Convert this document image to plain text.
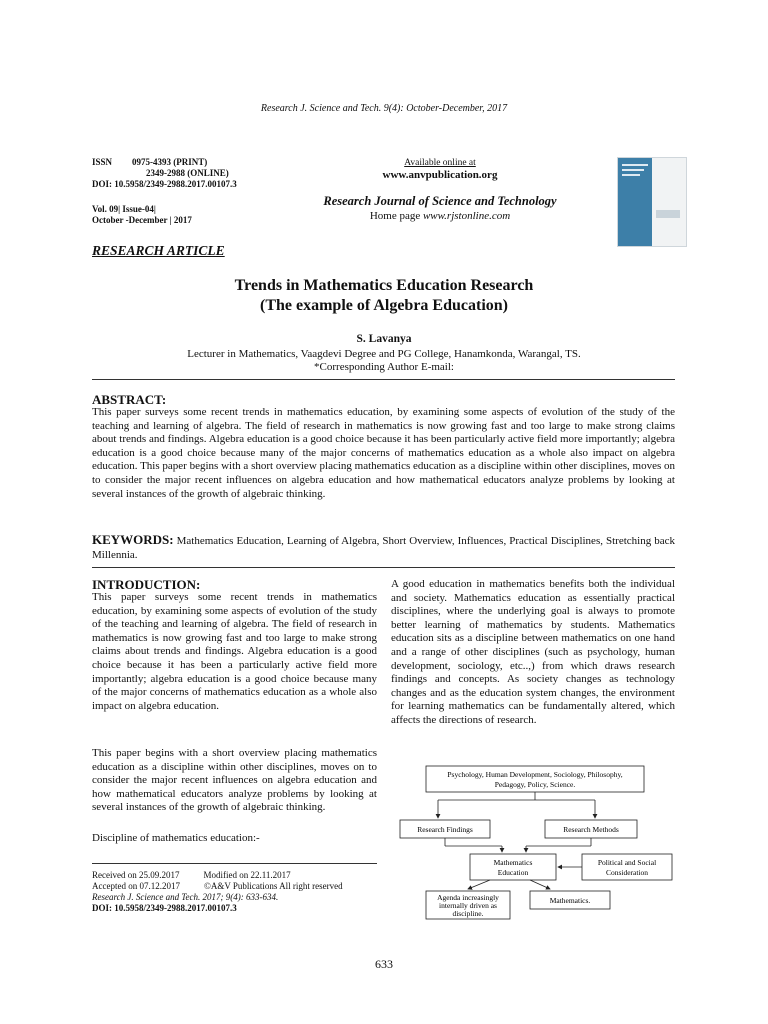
Research J. Science and Tech. 9(4): October-December, 2017
ISSN 0975-4393 (PRINT)
2349-2988 (ONLINE)
DOI: 10.5958/2349-2988.2017.00107.3
Vol. 09| Issue-04|
October -December | 2017
Available online at
www.anvpublication.org
Research Journal of Science and Technology
Home page www.rjstonline.com
RESEARCH ARTICLE
Trends in Mathematics Education Research
(The example of Algebra Education)
S. Lavanya
Lecturer in Mathematics, Vaagdevi Degree and PG College, Hanamkonda, Warangal, TS.
*Corresponding Author E-mail:
ABSTRACT:
This paper surveys some recent trends in mathematics education, by examining some aspects of evolution of the study of the teaching and learning of algebra. The field of research in mathematics is now growing fast and too large to make strong claims about trends and findings. Algebra education is a good choice because it has been particularly active field more importantly; algebra education is a good choice because many of the major concerns of mathematics education as a whole also impact on algebra education. This paper begins with a short overview placing mathematics education as a discipline within other disciplines, moves on to consider the major recent influences on algebra education and how mathematical educators analyze problems by looking at several instances of the growth of algebraic thinking.
KEYWORDS: Mathematics Education, Learning of Algebra, Short Overview, Influences, Practical Disciplines, Stretching back Millennia.
INTRODUCTION:
This paper surveys some recent trends in mathematics education, by examining some aspects of evolution of the study of the teaching and learning of algebra. The field of research in mathematics is now growing fast and too large to make strong claims about trends and findings. Algebra education is a good choice because it has been a particularly active field more importantly; algebra education is a good choice because many of the major concerns of mathematics education as a whole also impact on algebra education.
This paper begins with a short overview placing mathematics education as a discipline within other disciplines, moves on to consider the major recent influences on algebra education and how mathematical educators analyze problems by looking at several instances of the growth of algebraic thinking.
Discipline of mathematics education:-
A good education in mathematics benefits both the individual and society. Mathematics education as essentially practical disciplines, where the underlying goal is always to promote better learning of mathematics by students. Mathematics education sits as a discipline between mathematics on one hand and a range of other disciplines (such as psychology, human development, sociology, etc..,) from which draws research findings and concepts. As society changes as technology changes and as the education system changes, the environment for learning mathematics can be fundamentally altered, which affects the directions of research.
Psychology, Human Development, Sociology, Philosophy,
Pedagogy, Policy, Science.
Research Findings	Research Methods
Mathematics
Education
Political and Social
Consideration
Agenda increasingly
internally driven as
discipline.
Mathematics.
Received on 25.09.2017	Modified on 22.11.2017
Accepted on 07.12.2017	©A&V Publications All right reserved
Research J. Science and Tech. 2017; 9(4): 633-634.
DOI: 10.5958/2349-2988.2017.00107.3
633
